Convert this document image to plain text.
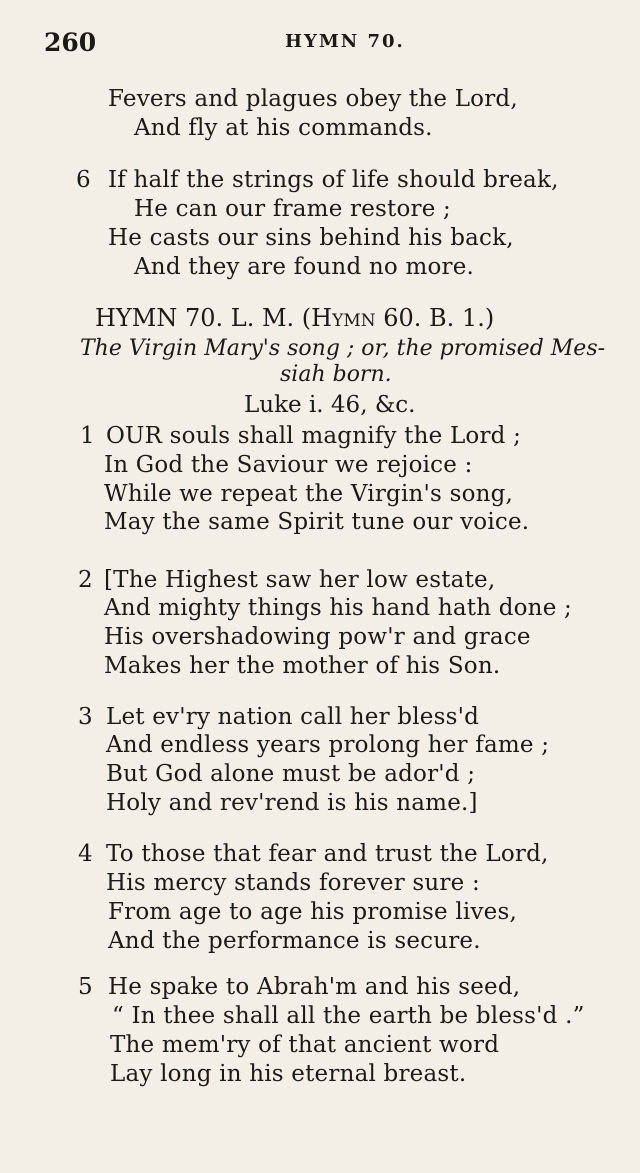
260	HYMN 70.
Fevers and plagues obey the Lord,
And fly at his commands.
6 If half the strings of life should break,
He can our frame restore ;
He casts our sins behind his back,
And they are found no more.
HYMN 70. L. M. (Hymn 60. B. 1.)
The Virgin Mary's song ; or, the promised Mes-
siah born.
Luke i. 46, &c.
1 OUR souls shall magnify the Lord ;
In God the Saviour we rejoice :
While we repeat the Virgin's song,
May the same Spirit tune our voice.
2 [The Highest saw her low estate,
And mighty things his hand hath done ;
His overshadowing pow'r and grace
Makes her the mother of his Son.
3 Let ev'ry nation call her bless'd
And endless years prolong her fame ;
But God alone must be ador'd ;
Holy and rev'rend is his name.]
4 To those that fear and trust the Lord,
His mercy stands forever sure :
From age to age his promise lives,
And the performance is secure.
5 He spake to Abrah'm and his seed,
“ In thee shall all the earth be bless'd .”
The mem'ry of that ancient word
Lay long in his eternal breast.
